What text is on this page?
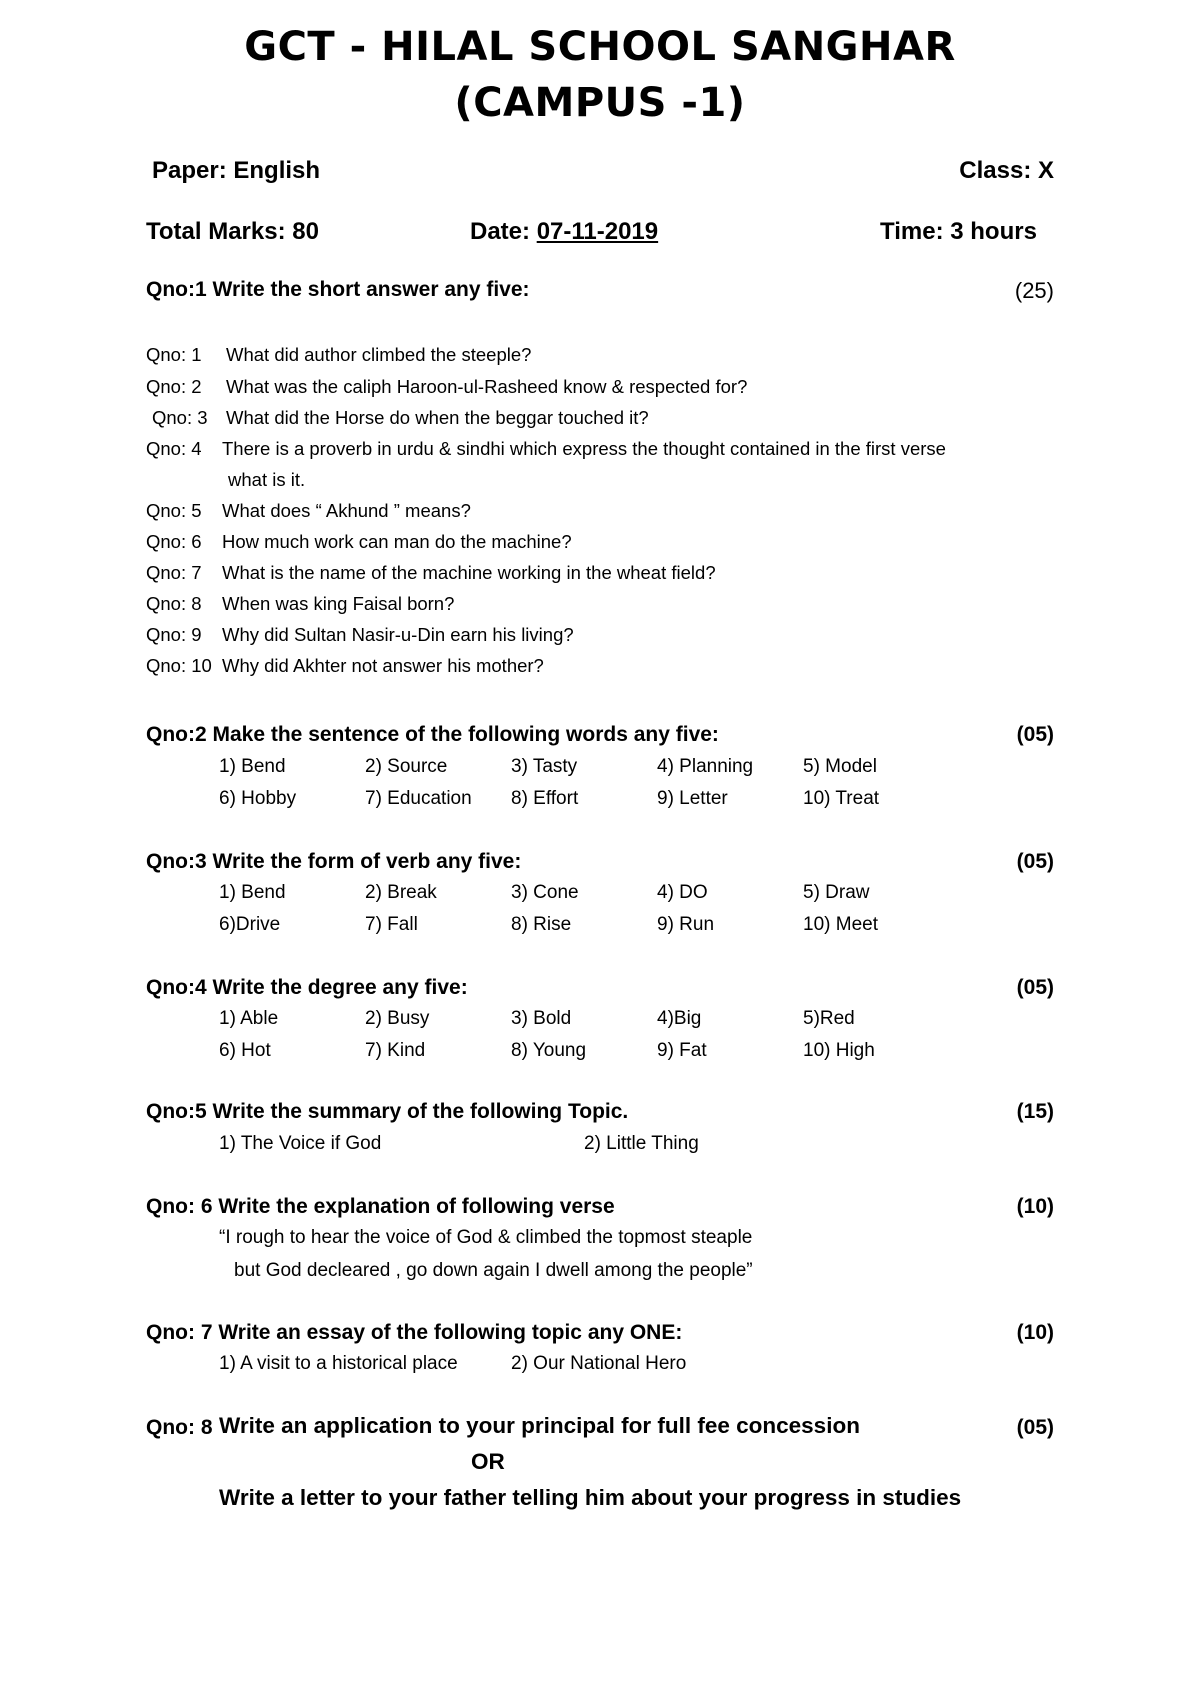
GCT - HILAL SCHOOL SANGHAR
(CAMPUS -1)
Paper: English	Class: X
Total Marks: 80	Date: 07-11-2019	Time: 3 hours
Qno:1 Write the short answer any five:	(25)
Qno: 1 What did author climbed the steeple?
Qno: 2 What was the caliph Haroon-ul-Rasheed know & respected for?
Qno: 3 What did the Horse do when the beggar touched it?
Qno: 4 There is a proverb in urdu & sindhi which express the thought contained in the first verse
what is it.
Qno: 5 What does “ Akhund ” means?
Qno: 6 How much work can man do the machine?
Qno: 7 What is the name of the machine working in the wheat field?
Qno: 8 When was king Faisal born?
Qno: 9 Why did Sultan Nasir-u-Din earn his living?
Qno: 10 Why did Akhter not answer his mother?
Qno:2 Make the sentence of the following words any five:	(05)
1) Bend	2) Source	3) Tasty	4) Planning	5) Model
6) Hobby	7) Education 8) Effort	9) Letter	10) Treat
Qno:3 Write the form of verb any five:	(05)
1) Bend	2) Break	3) Cone	4) DO	5) Draw
6)Drive	7) Fall	8) Rise	9) Run	10) Meet
Qno:4 Write the degree any five:	(05)
1) Able	2) Busy	3) Bold	4)Big	5)Red
6) Hot	7) Kind	8) Young	9) Fat	10) High
Qno:5 Write the summary of the following Topic.	(15)
1) The Voice if God	2) Little Thing
Qno: 6 Write the explanation of following verse	(10)
“I rough to hear the voice of God & climbed the topmost steaple
but God decleared , go down again I dwell among the people”
Qno: 7 Write an essay of the following topic any ONE:	(10)
1) A visit to a historical place	2) Our National Hero
Qno: 8 Write an application to your principal for full fee concession	(05)
OR
Write a letter to your father telling him about your progress in studies
